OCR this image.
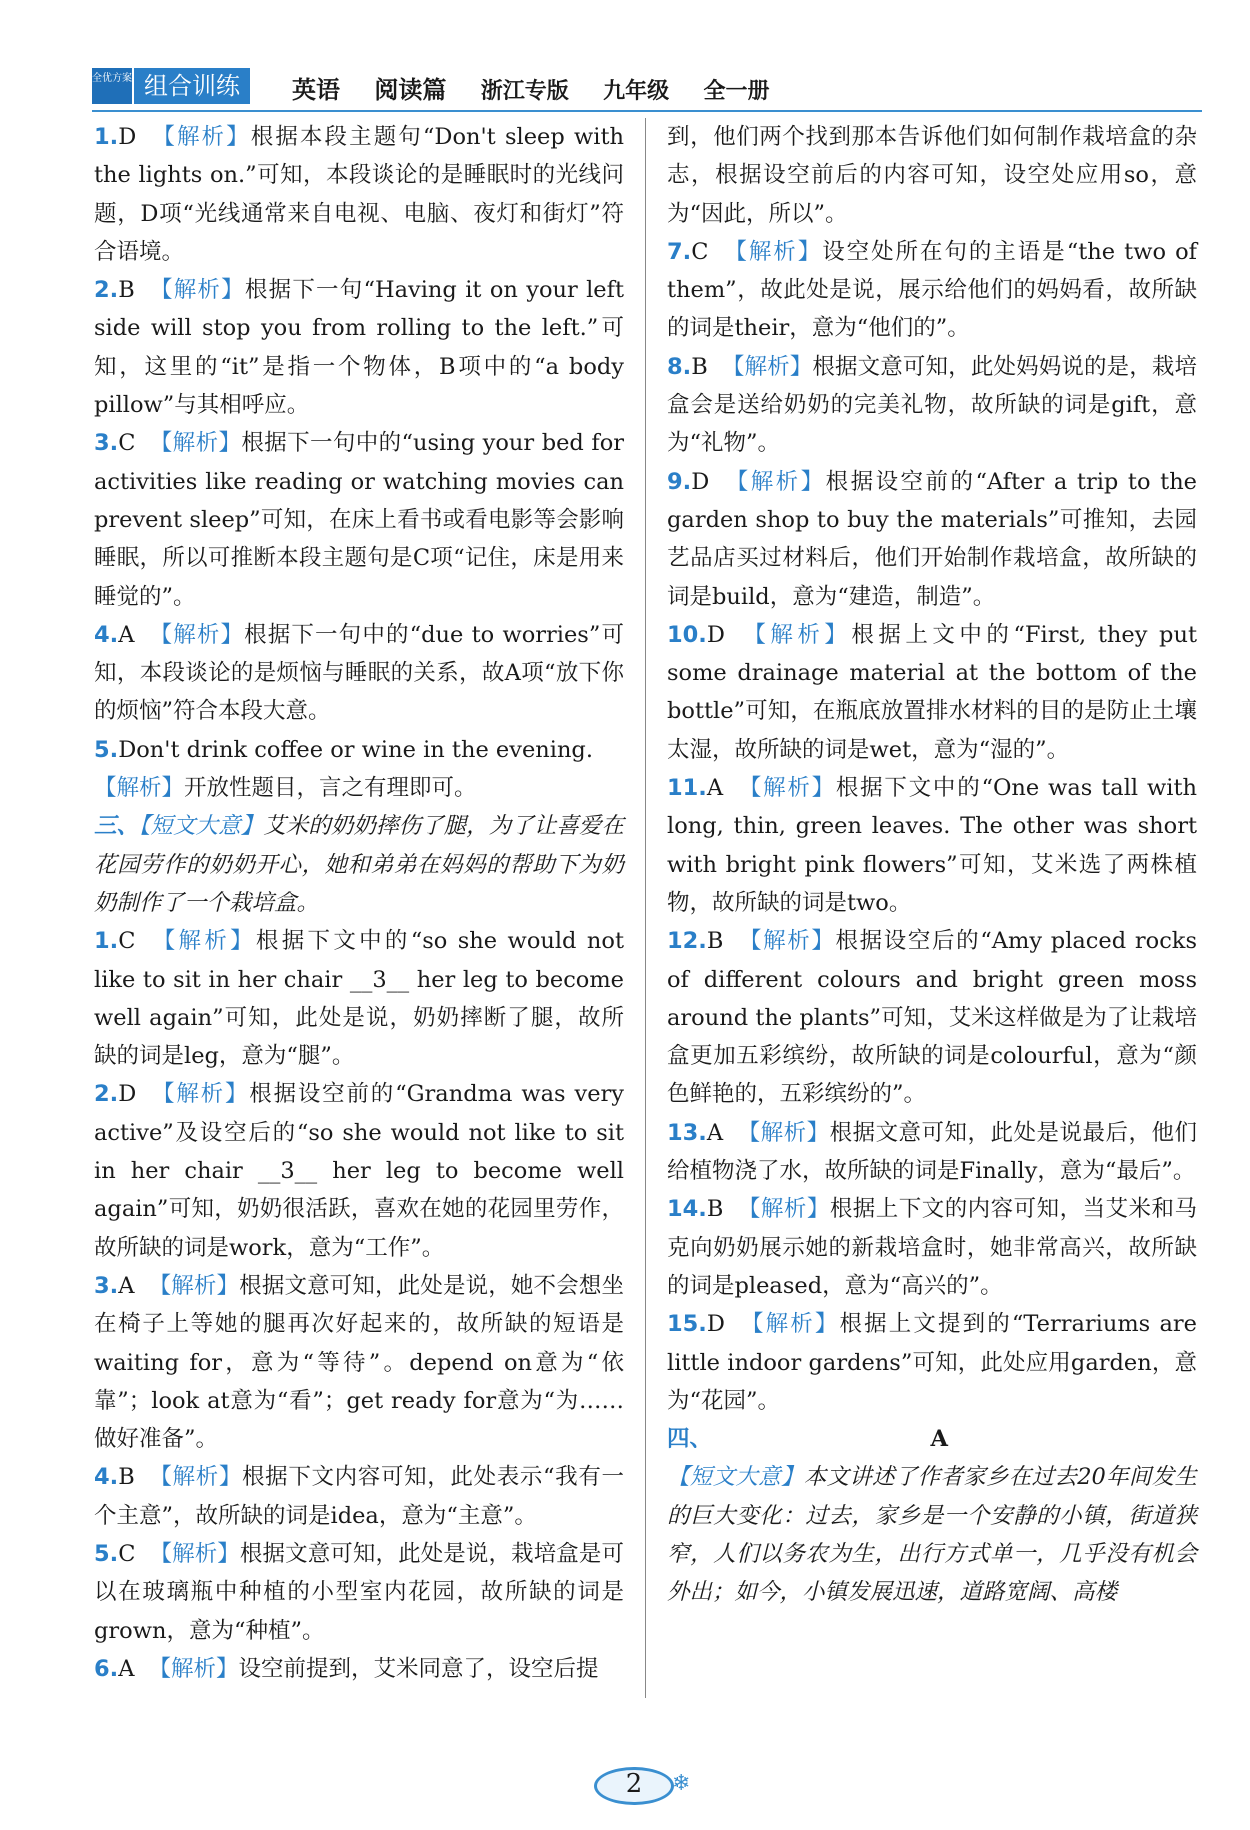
全优方案 组合训练	英语 阅读篇 浙江专版 九年级 全一册

1.D 【解析】根据本段主题句“Don't sleep with the lights on.”可知，本段谈论的是睡眠时的光线问题，D项“光线通常来自电视、电脑、夜灯和街灯”符合语境。

2.B 【解析】根据下一句“Having it on your left side will stop you from rolling to the left.”可知，这里的“it”是指一个物体，B项中的“a body pillow”与其相呼应。

3.C 【解析】根据下一句中的“using your bed for activities like reading or watching movies can prevent sleep”可知，在床上看书或看电影等会影响睡眠，所以可推断本段主题句是C项“记住，床是用来睡觉的”。

4.A 【解析】根据下一句中的“due to worries”可知，本段谈论的是烦恼与睡眠的关系，故A项“放下你的烦恼”符合本段大意。

5.Don't drink coffee or wine in the evening.

【解析】开放性题目，言之有理即可。

三、【短文大意】艾米的奶奶摔伤了腿，为了让喜爱在花园劳作的奶奶开心，她和弟弟在妈妈的帮助下为奶奶制作了一个栽培盒。

1.C 【解析】根据下文中的“so she would not like to sit in her chair __3__ her leg to become well again”可知，此处是说，奶奶摔断了腿，故所缺的词是leg，意为“腿”。

2.D 【解析】根据设空前的“Grandma was very active”及设空后的“so she would not like to sit in her chair __3__ her leg to become well again”可知，奶奶很活跃，喜欢在她的花园里劳作，故所缺的词是work，意为“工作”。

3.A 【解析】根据文意可知，此处是说，她不会想坐在椅子上等她的腿再次好起来的，故所缺的短语是waiting for，意为“等待”。depend on意为“依靠”；look at意为“看”；get ready for意为“为……做好准备”。

4.B 【解析】根据下文内容可知，此处表示“我有一个主意”，故所缺的词是idea，意为“主意”。

5.C 【解析】根据文意可知，此处是说，栽培盒是可以在玻璃瓶中种植的小型室内花园，故所缺的词是grown，意为“种植”。

6.A 【解析】设空前提到，艾米同意了，设空后提

到，他们两个找到那本告诉他们如何制作栽培盒的杂志，根据设空前后的内容可知，设空处应用so，意为“因此，所以”。

7.C 【解析】设空处所在句的主语是“the two of them”，故此处是说，展示给他们的妈妈看，故所缺的词是their，意为“他们的”。

8.B 【解析】根据文意可知，此处妈妈说的是，栽培盒会是送给奶奶的完美礼物，故所缺的词是gift，意为“礼物”。

9.D 【解析】根据设空前的“After a trip to the garden shop to buy the materials”可推知，去园艺品店买过材料后，他们开始制作栽培盒，故所缺的词是build，意为“建造，制造”。

10.D 【解析】根据上文中的“First, they put some drainage material at the bottom of the bottle”可知，在瓶底放置排水材料的目的是防止土壤太湿，故所缺的词是wet，意为“湿的”。

11.A 【解析】根据下文中的“One was tall with long, thin, green leaves. The other was short with bright pink flowers”可知，艾米选了两株植物，故所缺的词是two。

12.B 【解析】根据设空后的“Amy placed rocks of different colours and bright green moss around the plants”可知，艾米这样做是为了让栽培盒更加五彩缤纷，故所缺的词是colourful，意为“颜色鲜艳的，五彩缤纷的”。

13.A 【解析】根据文意可知，此处是说最后，他们给植物浇了水，故所缺的词是Finally，意为“最后”。

14.B 【解析】根据上下文的内容可知，当艾米和马克向奶奶展示她的新栽培盒时，她非常高兴，故所缺的词是pleased，意为“高兴的”。

15.D 【解析】根据上文提到的“Terrariums are little indoor gardens”可知，此处应用garden，意为“花园”。

四、	A

【短文大意】本文讲述了作者家乡在过去20年间发生的巨大变化：过去，家乡是一个安静的小镇，街道狭窄，人们以务农为生，出行方式单一，几乎没有机会外出；如今，小镇发展迅速，道路宽阔、高楼

2	❄
